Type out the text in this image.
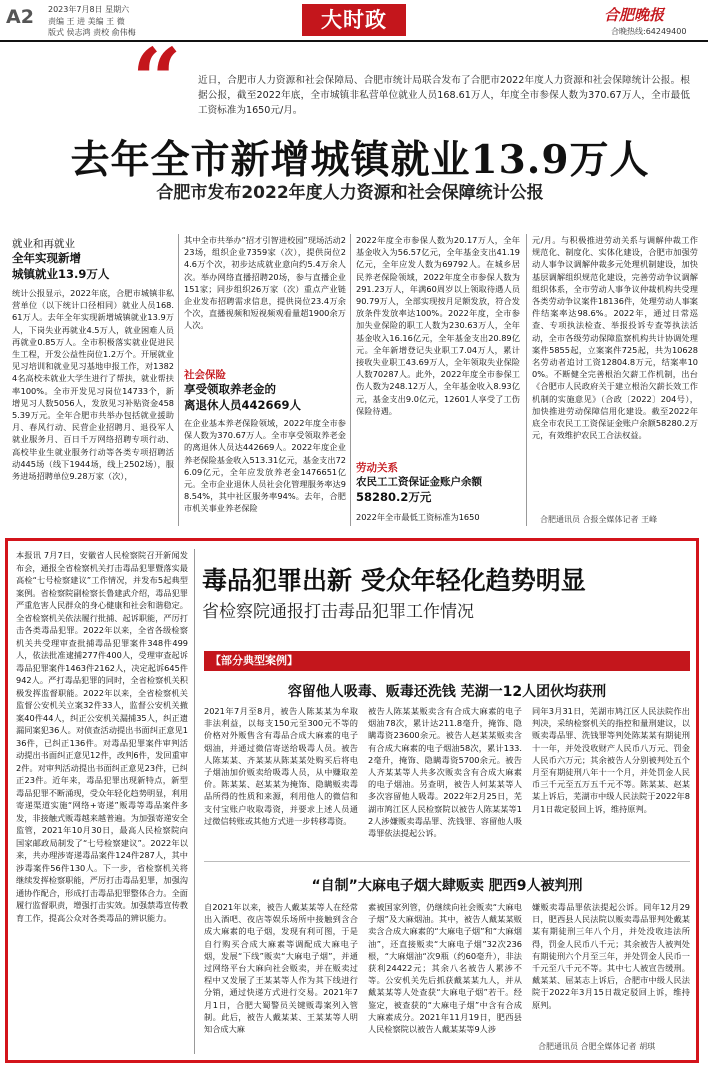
A2 2023年7月8日 星期六
责编 王 进 美编 王 微
版式 侯志鸿 责校 俞伟梅
大时政	合肥晚报
合晚热线:64249400
“ 近日，合肥市人力资源和社会保障局、合肥市统计局联合发布了合肥市2022年度人力资源和社会保障统计公报。根据公报，截至2022年底，全市城镇非私营单位就业人员168.61万人，年度全市参保人数为370.67万人，全市最低工资标准为1650元/月。
去年全市新增城镇就业13.9万人
合肥市发布2022年度人力资源和社会保障统计公报
就业和再就业
全年实现新增
城镇就业13.9万人
统计公报显示，2022年底，合肥市城镇非私营单位（以下统计口径相同）就业人员168.61万人。去年全年实现新增城镇就业13.9万人，下岗失业再就业4.5万人，就业困难人员再就业0.85万人。全市积极落实就业促进民生工程，开发公益性岗位1.2万个。开展就业见习培训和就业见习基地申报工作，对13824名高校未就业大学生进行了帮扶，就业帮扶率100%。全市开发见习岗位14733个，新增见习人数5056人，发放见习补贴资金4585.39万元。全年合肥市共举办包括就业援助月、春风行动、民营企业招聘月、退役军人就业服务月、百日千万网络招聘专项行动、高校毕业生就业服务行动等各类专项招聘活动445场（线下1944场，线上2502场），服务进场招聘单位9.28万家（次），
其中全市共举办“招才引智进校园”现场活动223场，组织企业7359家（次），提供岗位24.6万个次，初步达成就业意向约5.4万余人次。举办网络直播招聘20场，参与直播企业151家；同步组织26万家（次）重点产业链企业发布招聘需求信息，提供岗位23.4万余个次，直播视频和短视频观看量超1900余万人次。
社会保险
享受领取养老金的
离退休人员442669人
在企业基本养老保险领域，2022年度全市参保人数为370.67万人。全市享受领取养老金的离退休人员达442669人。2022年度企业养老保险基金收入513.31亿元，基金支出726.09亿元，全年应发放养老金1476651亿元。全市企业退休人员社会化管理服务率达98.54%，其中社区服务率94%。去年，合肥市机关事业养老保险
2022年度全市参保人数为20.17万人，全年基金收入为56.57亿元，全年基金支出41.19亿元，全年应发人数为69792人。在城乡居民养老保险领域，2022年度全市参保人数为291.23万人，年满60周岁以上领取待遇人员90.79万人，全部实现按月足额发放，符合发放条件发放率达100%。2022年度，全市参加失业保险的职工人数为230.63万人，全年基金收入16.16亿元，全年基金支出20.89亿元。全年新增登记失业职工7.04万人，累计接收失业职工43.69万人，全年领取失业保险人数70287人。此外，2022年度全市参保工伤人数为248.12万人，全年基金收入8.93亿元，基金支出9.0亿元，12601人享受了工伤保险待遇。
劳动关系
农民工工资保证金账户余额
58280.2万元
2022年全市最低工资标准为1650
元/月。与积极推进劳动关系与调解仲裁工作规范化、制度化、实体化建设，合肥市加强劳动人事争议调解仲裁多元处理机制建设，加快基层调解组织规范化建设，完善劳动争议调解组织体系，全市劳动人事争议仲裁机构共受理各类劳动争议案件18136件，处理劳动人事案件结案率达98.6%。2022年，通过日常巡查、专项执法检查、举报投诉专查等执法活动，全市各级劳动保障监察机构共计协调处理案件5855起，立案案件725起，共为10628名劳动者追讨工资12804.8万元，结案率100%。不断健全完善根治欠薪工作机制，出台《合肥市人民政府关于建立根治欠薪长效工作机制的实施意见》（合政〔2022〕204号），加快推进劳动保障信用化建设。截至2022年底全市农民工工资保证金账户余额58280.2万元，有效维护农民工合法权益。
合肥通讯员 合报全媒体记者 王峰
本报讯 7月7日，安徽省人民检察院召开新闻发布会，通报全省检察机关打击毒品犯罪暨落实最高检“七号检察建议”工作情况，并发布5起典型案例。省检察院副检察长鲁建武介绍，毒品犯罪严重危害人民群众的身心健康和社会和谐稳定。全省检察机关依法履行批捕、起诉职能，严厉打击各类毒品犯罪。2022年以来，全省各级检察机关共受理审查批捕毒品犯罪案件348件499人，依法批准逮捕277件400人，受理审查起诉毒品犯罪案件1463件2162人，决定起诉645件942人。严打毒品犯罪的同时，全省检察机关积极发挥监督职能。2022年以来，全省检察机关监督公安机关立案32件33人，监督公安机关撤案40件44人，纠正公安机关漏捕35人，纠正遗漏同案犯36人。对侦查活动提出书面纠正意见136件，已纠正136件。对毒品犯罪案件审判活动提出书面纠正意见12件，改判6件，发回重审2件。对审判活动提出书面纠正意见23件，已纠正23件。近年来，毒品犯罪出现新特点，新型毒品犯罪不断涌现，受众年轻化趋势明显，利用寄递渠道实施“网络+寄递”贩毒等毒品案件多发，非接触式贩毒越来越普遍。为加强寄递安全监管，2021年10月30日，最高人民检察院向国家邮政局制发了“七号检察建议”。2022年以来，共办理涉寄递毒品案件124件287人，其中涉毒案件56件130人。下一步，省检察机关将继续发挥检察职能，严厉打击毒品犯罪，加强沟通协作配合，形成打击毒品犯罪整体合力。全面履行监督职责，增强打击实效。加强禁毒宣传教育工作，提高公众对各类毒品的辨识能力。
毒品犯罪出新 受众年轻化趋势明显
省检察院通报打击毒品犯罪工作情况
【部分典型案例】
容留他人吸毒、贩毒还洗钱 芜湖一12人团伙均获刑
2021年7月至8月，被告人陈某某为牟取非法利益，以每支150元至300元不等的价格对外贩售含有毒品合成大麻素的电子烟油，并通过微信寄送给吸毒人员。被告人陈某某、齐某某从陈某某处购买后将电子烟油加价贩卖给吸毒人员，从中赚取差价。陈某某、赵某某为掩饰、隐瞒贩卖毒品所得的性质和来源，利用他人的微信和支付宝账户收取毒资，并要求上述人员通过微信转账或其他方式进一步转移毒资。
被告人陈某某贩卖含有合成大麻素的电子烟油78次，累计达211.8毫升，掩饰、隐瞒毒资23600余元。被告人赵某某贩卖含有合成大麻素的电子烟油58次，累计133.2毫升，掩饰、隐瞒毒资5700余元。被告人齐某某等人共多次贩卖含有合成大麻素的电子烟油。另查明，被告人何某某等人多次容留他人吸毒。2022年2月25日，芜湖市鸠江区人民检察院以被告人陈某某等12人涉嫌贩卖毒品罪、洗钱罪、容留他人吸毒罪依法提起公诉。
同年3月31日，芜湖市鸠江区人民法院作出判决，采纳检察机关的指控和量刑建议，以贩卖毒品罪、洗钱罪等判处陈某某有期徒刑十一年，并处没收财产人民币八万元、罚金人民币六万元；其余被告人分别被判处五个月至有期徒刑八年十一个月，并处罚金人民币三千元至五万五千元不等。陈某某、赵某某上诉后，芜湖市中级人民法院于2022年8月1日裁定驳回上诉，维持原判。
“自制”大麻电子烟大肆贩卖 肥西9人被判刑
自2021年以来，被告人戴某某等人在经常出入酒吧、夜店等娱乐场所中接触到含合成大麻素的电子烟，发现有利可图，于是自行购买合成大麻素等调配成大麻电子烟，发展“下线”贩卖“大麻电子烟”，并通过网络平台大麻向社会贩卖，并在贩卖过程中又发展了王某某等人作为其下线进行分销，通过快递方式进行交易。2021年7月1日，合肥大蜀警员关键贩毒案列入管制。此后，被告人戴某某、王某某等人明知合成大麻
素被国家列管，仍继续向社会贩卖“大麻电子烟”及大麻烟油。其中，被告人戴某某贩卖含合成大麻素的“大麻电子烟”和“大麻烟油”，还直接贩卖“大麻电子烟”32次236根，“大麻烟油“次9瓶（约60毫升），非法获利24422元；其余八名被告人累涉不等。公安机关先后抓获戴某某九人，并从戴某某等人处查获“大麻电子烟”若干。经鉴定，被查获的“大麻电子烟”中含有合成大麻素成分。2021年11月19日，肥西县人民检察院以被告人戴某某等9人涉
嫌贩卖毒品罪依法提起公诉。同年12月29日，肥西县人民法院以贩卖毒品罪判处戴某某有期徒刑三年八个月，并处没收违法所得，罚金人民币八千元；其余被告人被判处有期徒刑六个月至三年，并处罚金人民币一千元至八千元不等。其中七人被宣告缓刑。戴某某、屈某志上诉后，合肥市中级人民法院于2022年3月15日裁定驳回上诉，维持原判。
合肥通讯员 合肥全媒体记者 胡琪
